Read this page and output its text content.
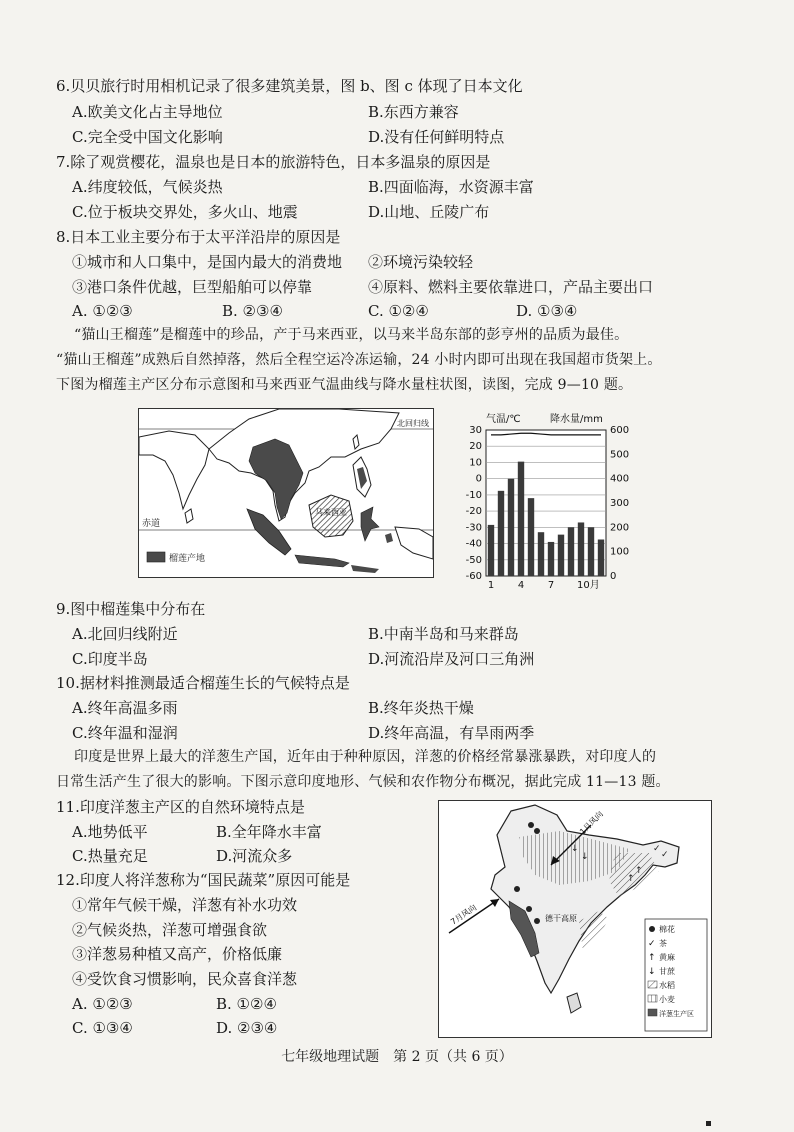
6.贝贝旅行时用相机记录了很多建筑美景，图 b、图 c 体现了日本文化
A.欧美文化占主导地位	B.东西方兼容
C.完全受中国文化影响	D.没有任何鲜明特点
7.除了观赏樱花，温泉也是日本的旅游特色，日本多温泉的原因是
A.纬度较低，气候炎热	B.四面临海，水资源丰富
C.位于板块交界处，多火山、地震	D.山地、丘陵广布
8.日本工业主要分布于太平洋沿岸的原因是
①城市和人口集中，是国内最大的消费地 ②环境污染较轻
③港口条件优越，巨型船舶可以停靠	④原料、燃料主要依靠进口，产品主要出口
A. ①②③	B. ②③④	C. ①②④	D. ①③④
“猫山王榴莲”是榴莲中的珍品，产于马来西亚，以马来半岛东部的彭亨州的品质为最佳。
“猫山王榴莲”成熟后自然掉落，然后全程空运冷冻运输，24 小时内即可出现在我国超市货架上。
下图为榴莲主产区分布示意图和马来西亚气温曲线与降水量柱状图，读图，完成 9—10 题。
北回归线
赤道
马来西亚
榴莲产地
气温/℃	降水量/mm
30
20
10
0
-10
-20
-30
-40
-50
-60
600
500
400
300
200
100
0
1 4 7 10月
9.图中榴莲集中分布在
A.北回归线附近	B.中南半岛和马来群岛
C.印度半岛	D.河流沿岸及河口三角洲
10.据材料推测最适合榴莲生长的气候特点是
A.终年高温多雨	B.终年炎热干燥
C.终年温和湿润	D.终年高温，有旱雨两季
印度是世界上最大的洋葱生产国，近年由于种种原因，洋葱的价格经常暴涨暴跌，对印度人的
日常生活产生了很大的影响。下图示意印度地形、气候和农作物分布概况，据此完成 11—13 题。
11.印度洋葱主产区的自然环境特点是
A.地势低平	B.全年降水丰富
C.热量充足	D.河流众多
12.印度人将洋葱称为“国民蔬菜”原因可能是
①常年气候干燥，洋葱有补水功效
②气候炎热，洋葱可增强食欲
③洋葱易种植又高产，价格低廉
④受饮食习惯影响，民众喜食洋葱
A. ①②③	B. ①②④
C. ①③④	D. ②③④
1月风向
7月风向	德干高原
棉花
✓ 茶
↑ 黄麻
↓ 甘蔗
水稻
小麦
洋葱生产区
✓
✓
↑
↑
↓
↓
七年级地理试题　第 2 页（共 6 页）
